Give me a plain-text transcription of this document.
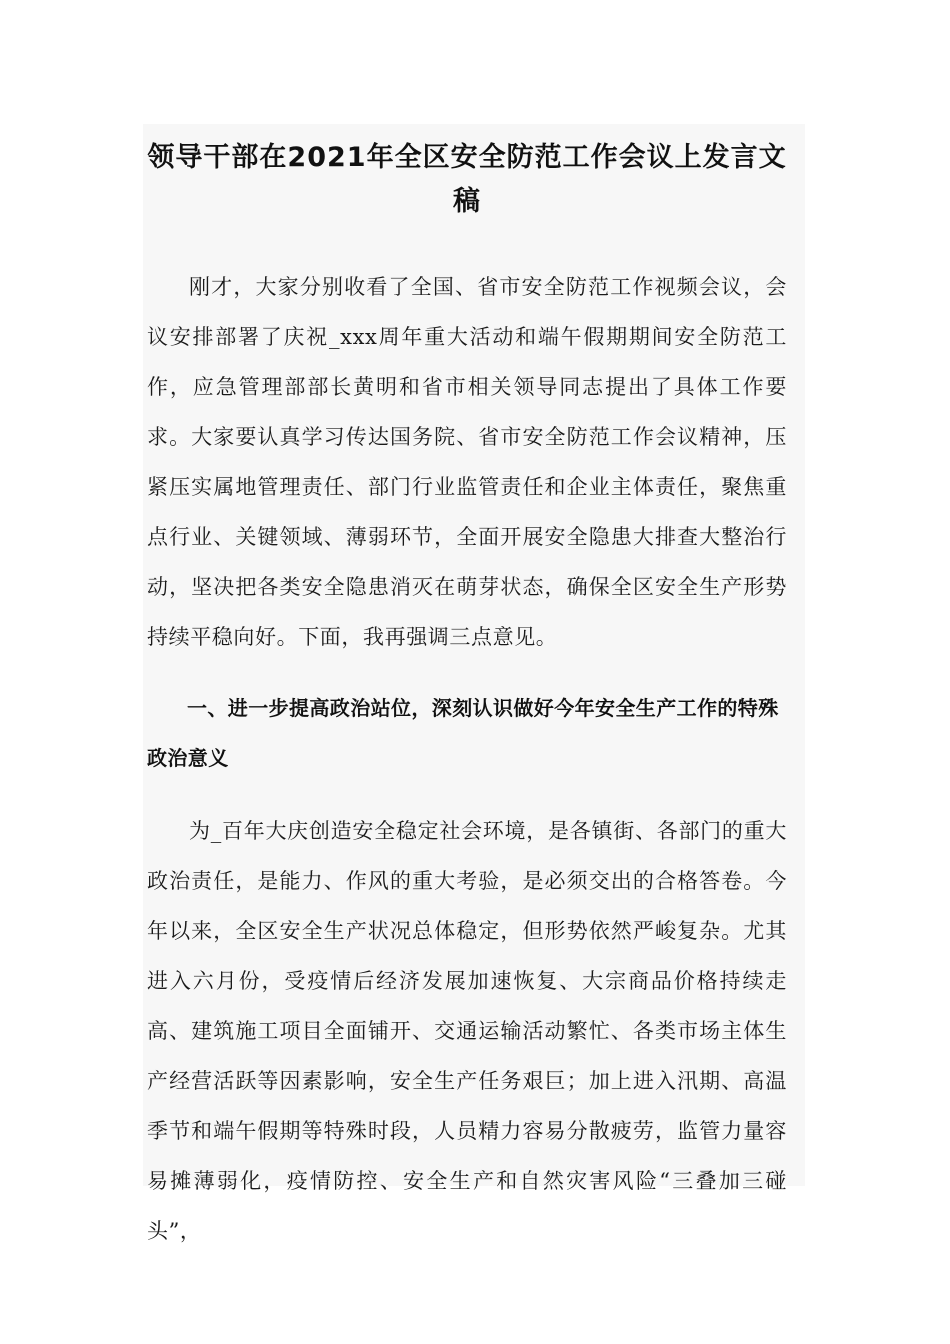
领导干部在2021年全区安全防范工作会议上发言文稿

刚才，大家分别收看了全国、省市安全防范工作视频会议，会议安排部署了庆祝_xxx周年重大活动和端午假期期间安全防范工作，应急管理部部长黄明和省市相关领导同志提出了具体工作要求。大家要认真学习传达国务院、省市安全防范工作会议精神，压紧压实属地管理责任、部门行业监管责任和企业主体责任，聚焦重点行业、关键领域、薄弱环节，全面开展安全隐患大排查大整治行动，坚决把各类安全隐患消灭在萌芽状态，确保全区安全生产形势持续平稳向好。下面，我再强调三点意见。

一、进一步提高政治站位，深刻认识做好今年安全生产工作的特殊政治意义

为_百年大庆创造安全稳定社会环境，是各镇街、各部门的重大政治责任，是能力、作风的重大考验，是必须交出的合格答卷。今年以来，全区安全生产状况总体稳定，但形势依然严峻复杂。尤其进入六月份，受疫情后经济发展加速恢复、大宗商品价格持续走高、建筑施工项目全面铺开、交通运输活动繁忙、各类市场主体生产经营活跃等因素影响，安全生产任务艰巨；加上进入汛期、高温季节和端午假期等特殊时段，人员精力容易分散疲劳，监管力量容易摊薄弱化，疫情防控、安全生产和自然灾害风险“三叠加三碰头”，
